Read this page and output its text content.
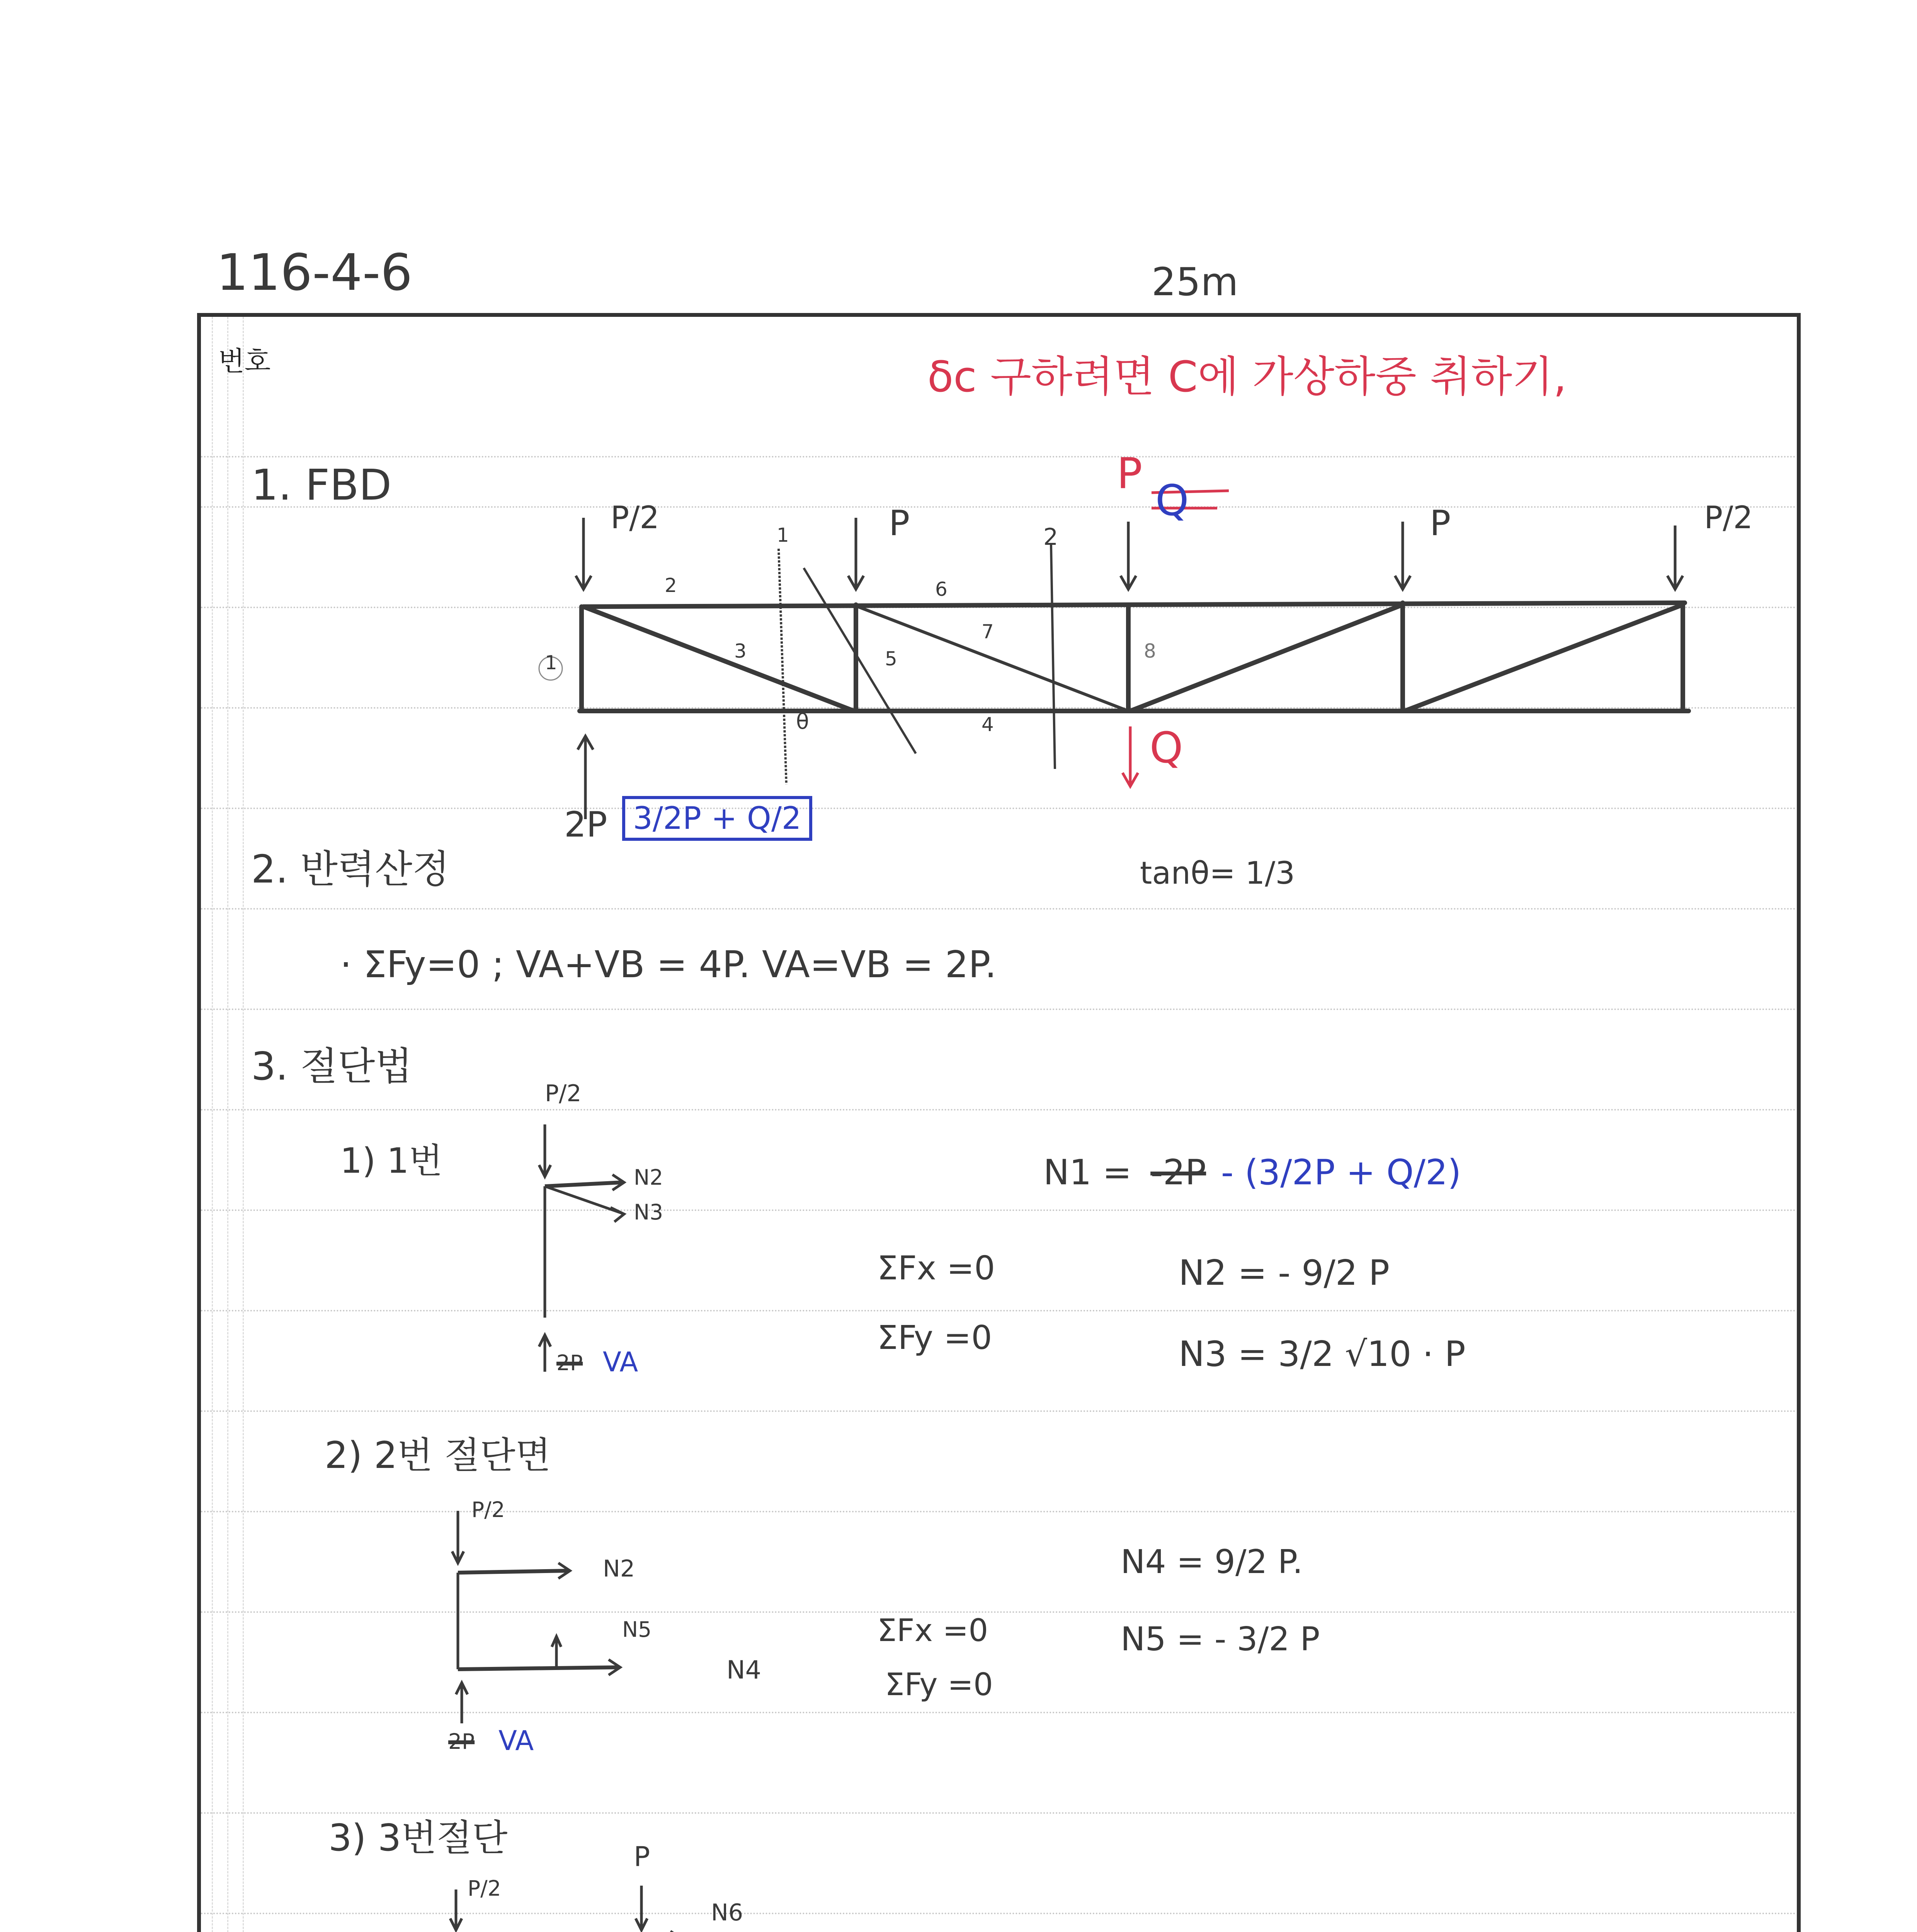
116-4-6	25m
번호	δc 구하려면 C에 가상하중 취하기,
1. FBD
P/2	P
P
Q	P	P/2
Q
1
2
3
4
5
6
7
8
1	2
θ
2P 3/2P + Q/2
2. 반력산정	tanθ= 1/3
· ΣFy=0 ; VA+VB = 4P. VA=VB = 2P.
3. 절단법
1) 1번
P/2
N2
N3
2P VA
ΣFx =0
ΣFy =0
N1 = -2P - (3/2P + Q/2)
N2 = - 9/2 P
N3 = 3/2 √10 · P
2) 2번 절단면
P/2
N2
N5
N4
2P VA
ΣFx =0
ΣFy =0
N4 = 9/2 P.
N5 = - 3/2 P
3) 3번절단
P/2
P
N6
